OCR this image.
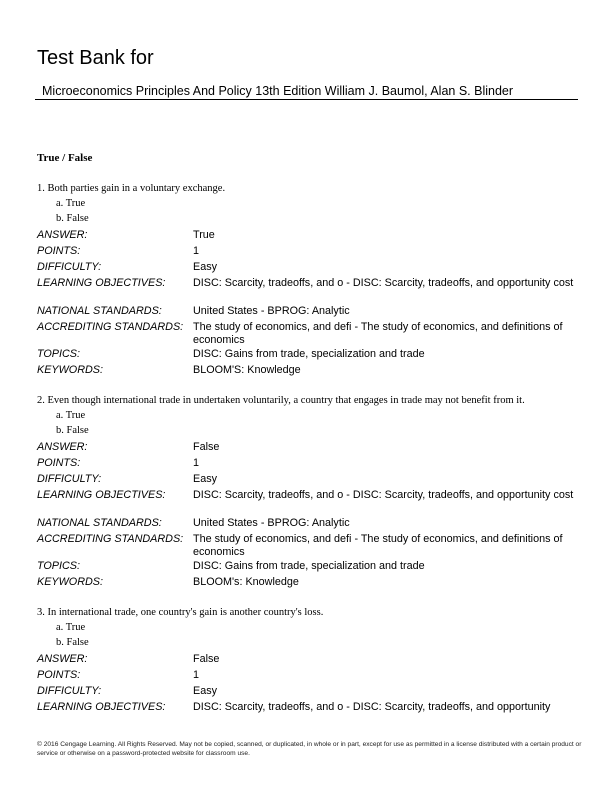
Test Bank for
Microeconomics Principles And Policy 13th Edition William J. Baumol, Alan S. Blinder
True / False
1. Both parties gain in a voluntary exchange.
a. True
b. False
ANSWER:	True
POINTS:	1
DIFFICULTY:	Easy
LEARNING OBJECTIVES:	DISC: Scarcity, tradeoffs, and o - DISC: Scarcity, tradeoffs, and opportunity cost
NATIONAL STANDARDS:	United States - BPROG: Analytic
ACCREDITING STANDARDS: The study of economics, and defi - The study of economics, and definitions of economics
TOPICS:	DISC: Gains from trade, specialization and trade
KEYWORDS:	BLOOM'S: Knowledge
2. Even though international trade in undertaken voluntarily, a country that engages in trade may not benefit from it.
a. True
b. False
ANSWER:	False
POINTS:	1
DIFFICULTY:	Easy
LEARNING OBJECTIVES:	DISC: Scarcity, tradeoffs, and o - DISC: Scarcity, tradeoffs, and opportunity cost
NATIONAL STANDARDS:	United States - BPROG: Analytic
ACCREDITING STANDARDS: The study of economics, and defi - The study of economics, and definitions of economics
TOPICS:	DISC: Gains from trade, specialization and trade
KEYWORDS:	BLOOM's: Knowledge
3. In international trade, one country's gain is another country's loss.
a. True
b. False
ANSWER:	False
POINTS:	1
DIFFICULTY:	Easy
LEARNING OBJECTIVES:	DISC: Scarcity, tradeoffs, and o - DISC: Scarcity, tradeoffs, and opportunity
© 2016 Cengage Learning. All Rights Reserved. May not be copied, scanned, or duplicated, in whole or in part, except for use as permitted in a license distributed with a certain product or service or otherwise on a password-protected website for classroom use.
